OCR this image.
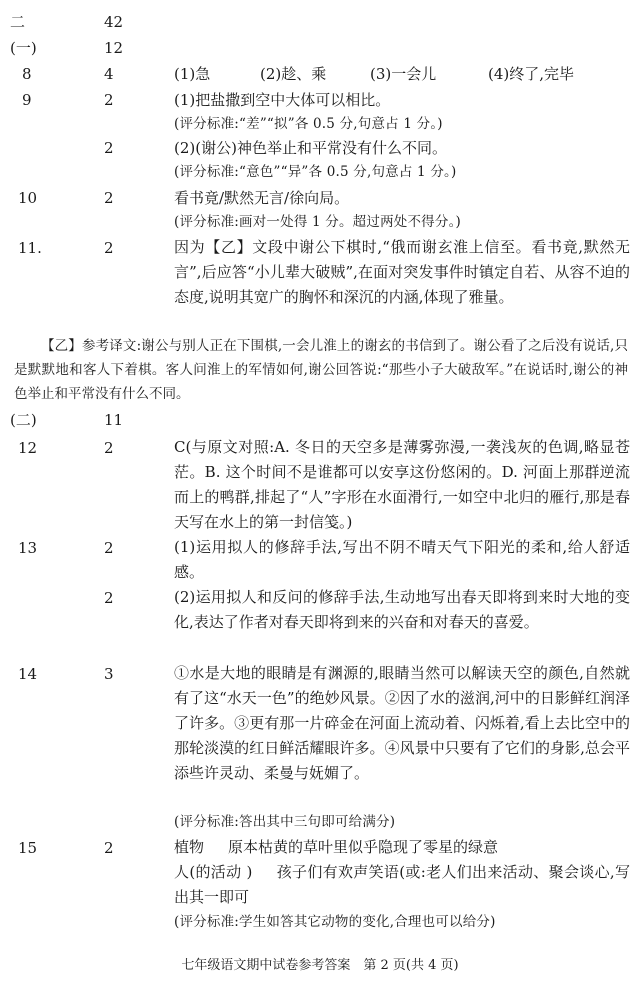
二	42
(一)	12
8	4	(1)急	(2)趁、乘	(3)一会儿	(4)终了,完毕
9	2	(1)把盐撒到空中大体可以相比。
(评分标准:“差”“拟”各 0.5 分,句意占 1 分。)
2	(2)(谢公)神色举止和平常没有什么不同。
(评分标准:“意色”“异”各 0.5 分,句意占 1 分。)
10	2	看书竟/默然无言/徐向局。
(评分标准:画对一处得 1 分。超过两处不得分。)
11.	2	因为【乙】文段中谢公下棋时,“俄而谢玄淮上信至。看书竟,默然无言”,后应答“小儿辈大破贼”,在面对突发事件时镇定自若、从容不迫的态度,说明其宽广的胸怀和深沉的内涵,体现了雅量。
【乙】参考译文:谢公与别人正在下围棋,一会儿淮上的谢玄的书信到了。谢公看了之后没有说话,只是默默地和客人下着棋。客人问淮上的军情如何,谢公回答说:“那些小子大破敌军。”在说话时,谢公的神色举止和平常没有什么不同。
(二)	11
12	2	C(与原文对照:A. 冬日的天空多是薄雾弥漫,一袭浅灰的色调,略显苍茫。B. 这个时间不是谁都可以安享这份悠闲的。D. 河面上那群逆流而上的鸭群,排起了“人”字形在水面滑行,一如空中北归的雁行,那是春天写在水上的第一封信笺。)
13	2	(1)运用拟人的修辞手法,写出不阴不晴天气下阳光的柔和,给人舒适感。
2	(2)运用拟人和反问的修辞手法,生动地写出春天即将到来时大地的变化,表达了作者对春天即将到来的兴奋和对春天的喜爱。
14	3	①水是大地的眼睛是有渊源的,眼睛当然可以解读天空的颜色,自然就有了这“水天一色”的绝妙风景。②因了水的滋润,河中的日影鲜红润泽了许多。③更有那一片碎金在河面上流动着、闪烁着,看上去比空中的那轮淡漠的红日鲜活耀眼许多。④风景中只要有了它们的身影,总会平添些许灵动、柔曼与妩媚了。
(评分标准:答出其中三句即可给满分)
15	2	植物 原本枯黄的草叶里似乎隐现了零星的绿意
人(的活动 ) 孩子们有欢声笑语(或:老人们出来活动、聚会谈心,写出其一即可
(评分标准:学生如答其它动物的变化,合理也可以给分)
七年级语文期中试卷参考答案　第 2 页(共 4 页)
